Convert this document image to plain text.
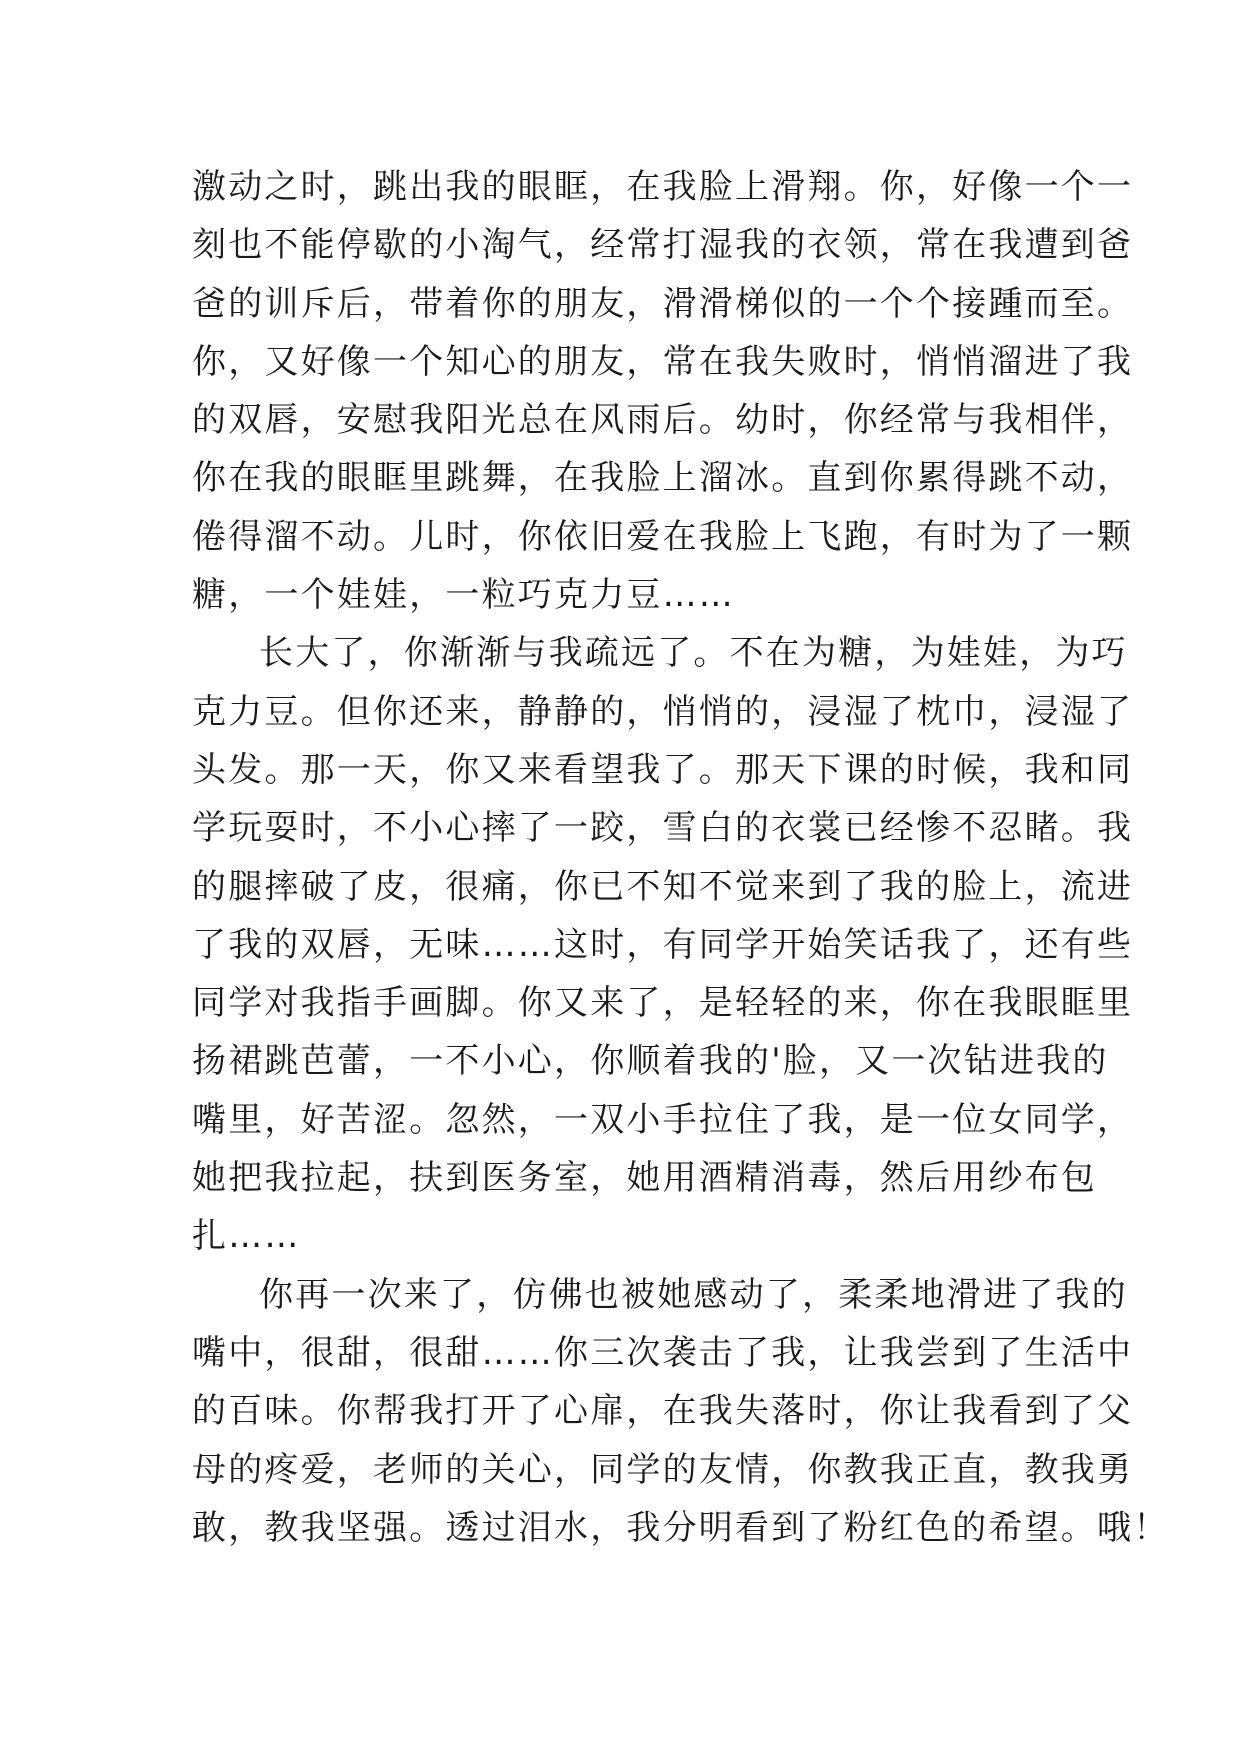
激动之时，跳出我的眼眶，在我脸上滑翔。你，好像一个一
刻也不能停歇的小淘气，经常打湿我的衣领，常在我遭到爸
爸的训斥后，带着你的朋友，滑滑梯似的一个个接踵而至。
你，又好像一个知心的朋友，常在我失败时，悄悄溜进了我
的双唇，安慰我阳光总在风雨后。幼时，你经常与我相伴，
你在我的眼眶里跳舞，在我脸上溜冰。直到你累得跳不动，
倦得溜不动。儿时，你依旧爱在我脸上飞跑，有时为了一颗
糖，一个娃娃，一粒巧克力豆……
长大了，你渐渐与我疏远了。不在为糖，为娃娃，为巧
克力豆。但你还来，静静的，悄悄的，浸湿了枕巾，浸湿了
头发。那一天，你又来看望我了。那天下课的时候，我和同
学玩耍时，不小心摔了一跤，雪白的衣裳已经惨不忍睹。我
的腿摔破了皮，很痛，你已不知不觉来到了我的脸上，流进
了我的双唇，无味……这时，有同学开始笑话我了，还有些
同学对我指手画脚。你又来了，是轻轻的来，你在我眼眶里
扬裙跳芭蕾，一不小心，你顺着我的'脸，又一次钻进我的
嘴里，好苦涩。忽然，一双小手拉住了我，是一位女同学，
她把我拉起，扶到医务室，她用酒精消毒，然后用纱布包
扎……
你再一次来了，仿佛也被她感动了，柔柔地滑进了我的
嘴中，很甜，很甜……你三次袭击了我，让我尝到了生活中
的百味。你帮我打开了心扉，在我失落时，你让我看到了父
母的疼爱，老师的关心，同学的友情，你教我正直，教我勇
敢，教我坚强。透过泪水，我分明看到了粉红色的希望。哦！
